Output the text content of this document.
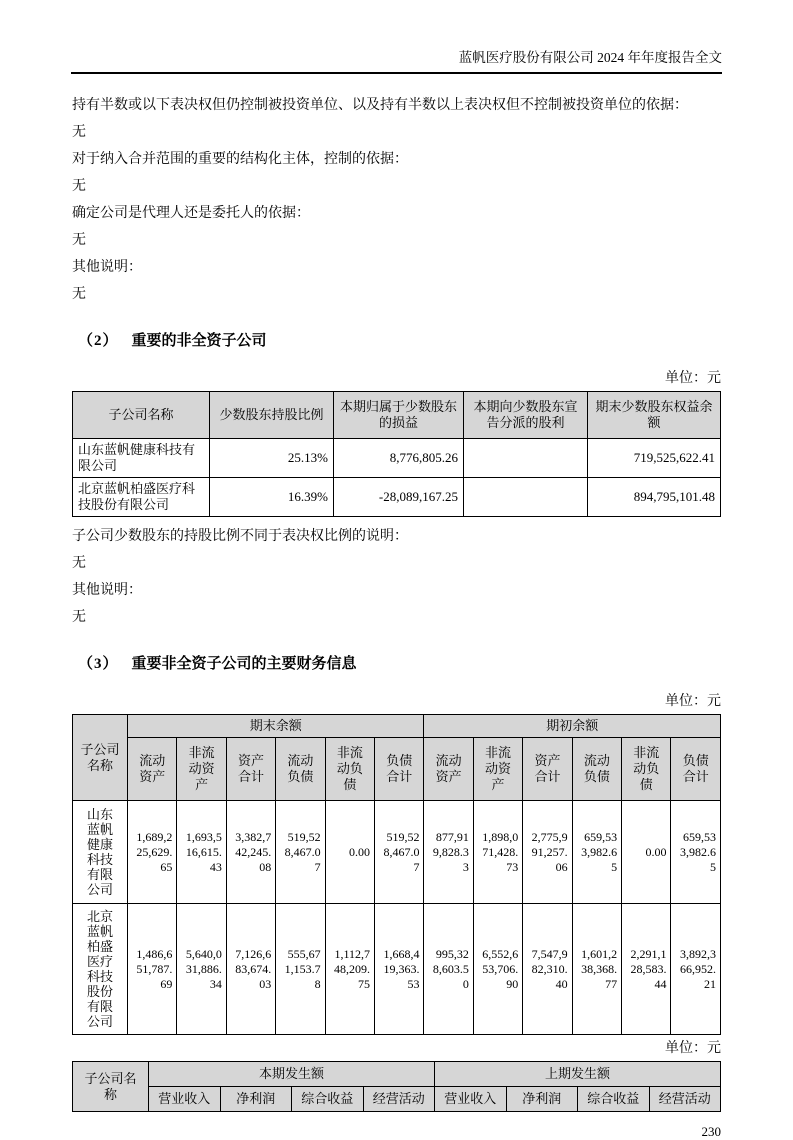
蓝帆医疗股份有限公司 2024 年年度报告全文

持有半数或以下表决权但仍控制被投资单位、以及持有半数以上表决权但不控制被投资单位的依据：

无

对于纳入合并范围的重要的结构化主体，控制的依据：

无

确定公司是代理人还是委托人的依据：

无

其他说明：

无

（2） 重要的非全资子公司
单位：元
子公司名称	少数股东持股比例	本期归属于少数股东的损益	本期向少数股东宣告分派的股利	期末少数股东权益余额
山东蓝帆健康科技有限公司	25.13%	8,776,805.26		719,525,622.41
北京蓝帆柏盛医疗科技股份有限公司	16.39%	-28,089,167.25		894,795,101.48

子公司少数股东的持股比例不同于表决权比例的说明：

无

其他说明：

无

（3） 重要非全资子公司的主要财务信息
单位：元
子公司名称	期末余额						期初余额					
	流动资产	非流动资产	资产合计	流动负债	非流动负债	负债合计	流动资产	非流动资产	资产合计	流动负债	非流动负债	负债合计
山东蓝帆健康科技有限公司	1,689,225,629.65	1,693,516,615.43	3,382,742,245.08	519,528,467.07	0.00	519,528,467.07	877,919,828.33	1,898,071,428.73	2,775,991,257.06	659,533,982.65	0.00	659,533,982.65
北京蓝帆柏盛医疗科技股份有限公司	1,486,651,787.69	5,640,031,886.34	7,126,683,674.03	555,671,153.78	1,112,748,209.75	1,668,419,363.53	995,328,603.50	6,552,653,706.90	7,547,982,310.40	1,601,238,368.77	2,291,128,583.44	3,892,366,952.21
单位：元
子公司名称	本期发生额				上期发生额			
	营业收入	净利润	综合收益	经营活动	营业收入	净利润	综合收益	经营活动
230
